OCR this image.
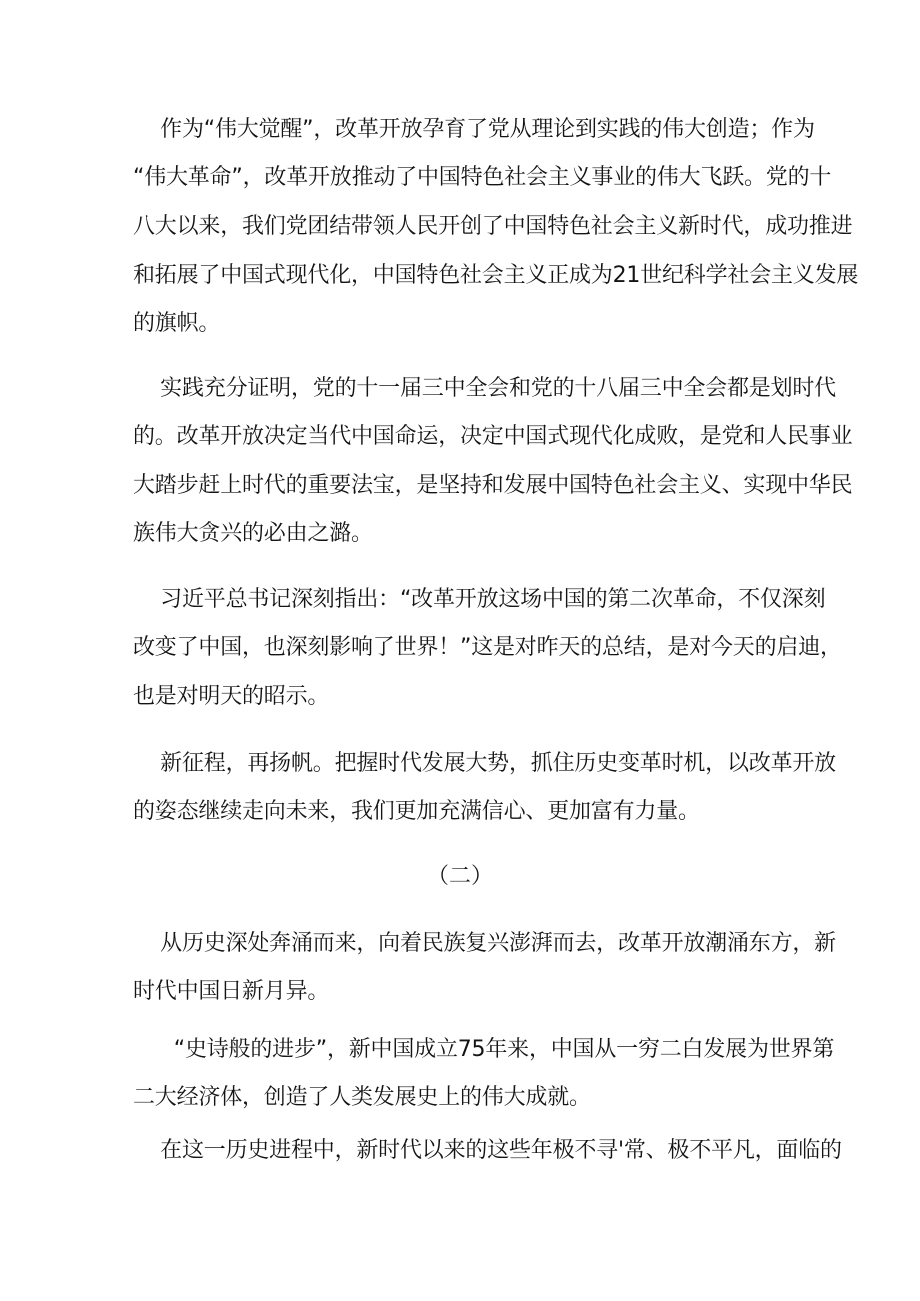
作为“伟大觉醒”，改革开放孕育了党从理论到实践的伟大创造；作为
“伟大革命”，改革开放推动了中国特色社会主义事业的伟大飞跃。党的十
八大以来，我们党团结带领人民开创了中国特色社会主义新时代，成功推进
和拓展了中国式现代化，中国特色社会主义正成为21世纪科学社会主义发展
的旗帜。
实践充分证明，党的十一届三中全会和党的十八届三中全会都是划时代
的。改革开放决定当代中国命运，决定中国式现代化成败，是党和人民事业
大踏步赶上时代的重要法宝，是坚持和发展中国特色社会主义、实现中华民
族伟大贪兴的必由之潞。
习近平总书记深刻指出：“改革开放这场中国的第二次革命，不仅深刻
改变了中国，也深刻影响了世界！”这是对昨天的总结，是对今天的启迪，
也是对明天的昭示。
新征程，再扬帆。把握时代发展大势，抓住历史变革时机，以改革开放
的姿态继续走向未来，我们更加充满信心、更加富有力量。
（二）
从历史深处奔涌而来，向着民族复兴澎湃而去，改革开放潮涌东方，新
时代中国日新月异。
“史诗般的进步”，新中国成立75年来，中国从一穷二白发展为世界第
二大经济体，创造了人类发展史上的伟大成就。
在这一历史进程中，新时代以来的这些年极不寻'常、极不平凡，面临的
